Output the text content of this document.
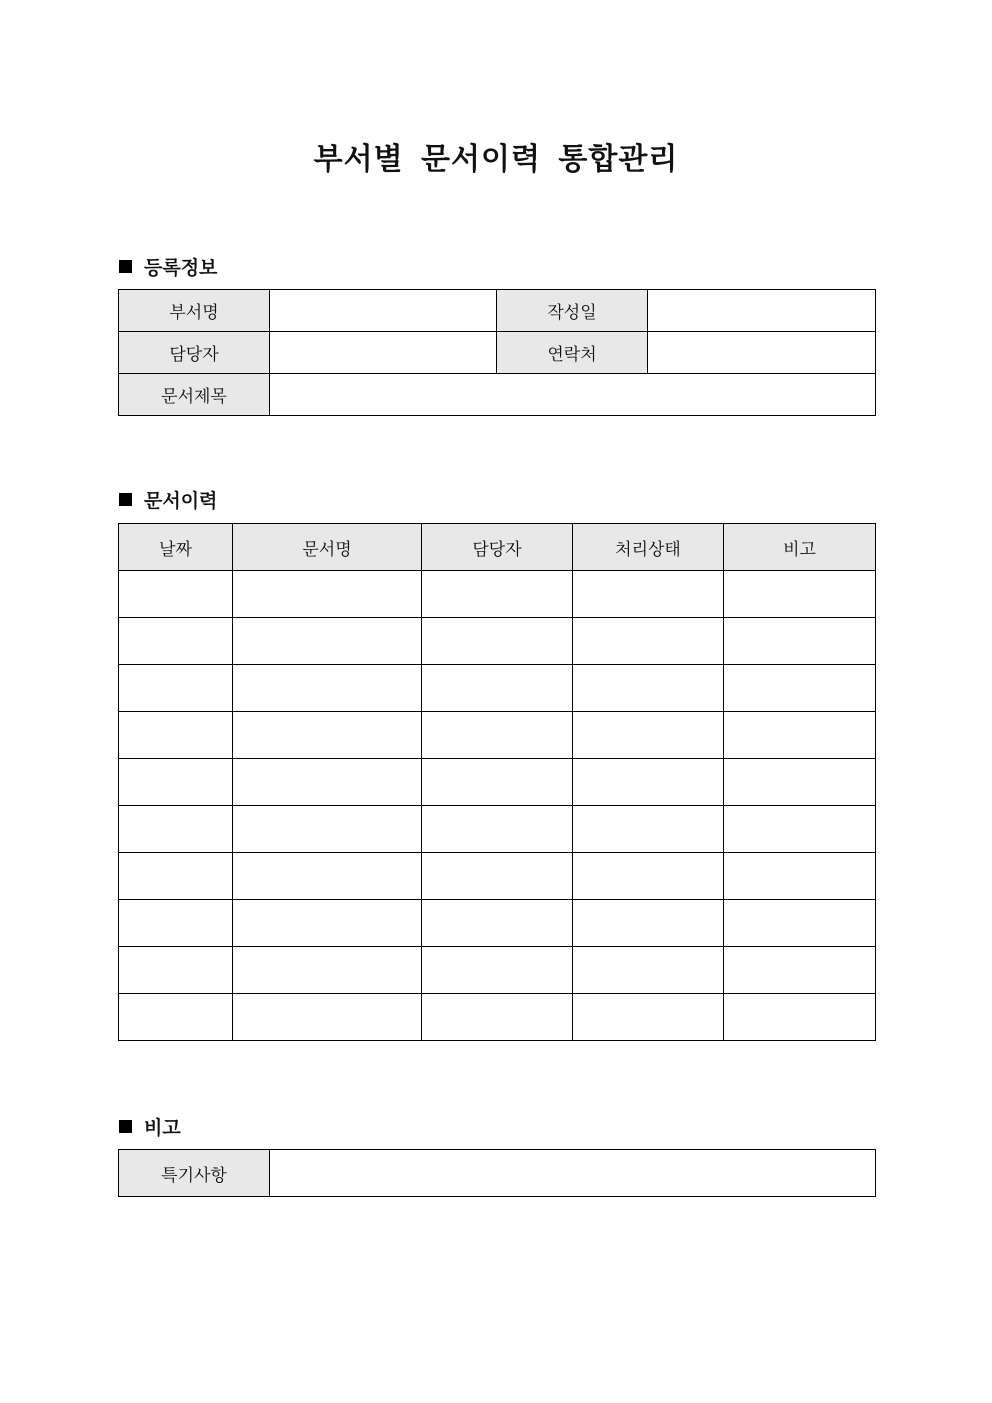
부서별 문서이력 통합관리
등록정보
부서명		작성일	
담당자		연락처	
문서제목			
문서이력
날짜	문서명	담당자	처리상태	비고

비고
특기사항	
